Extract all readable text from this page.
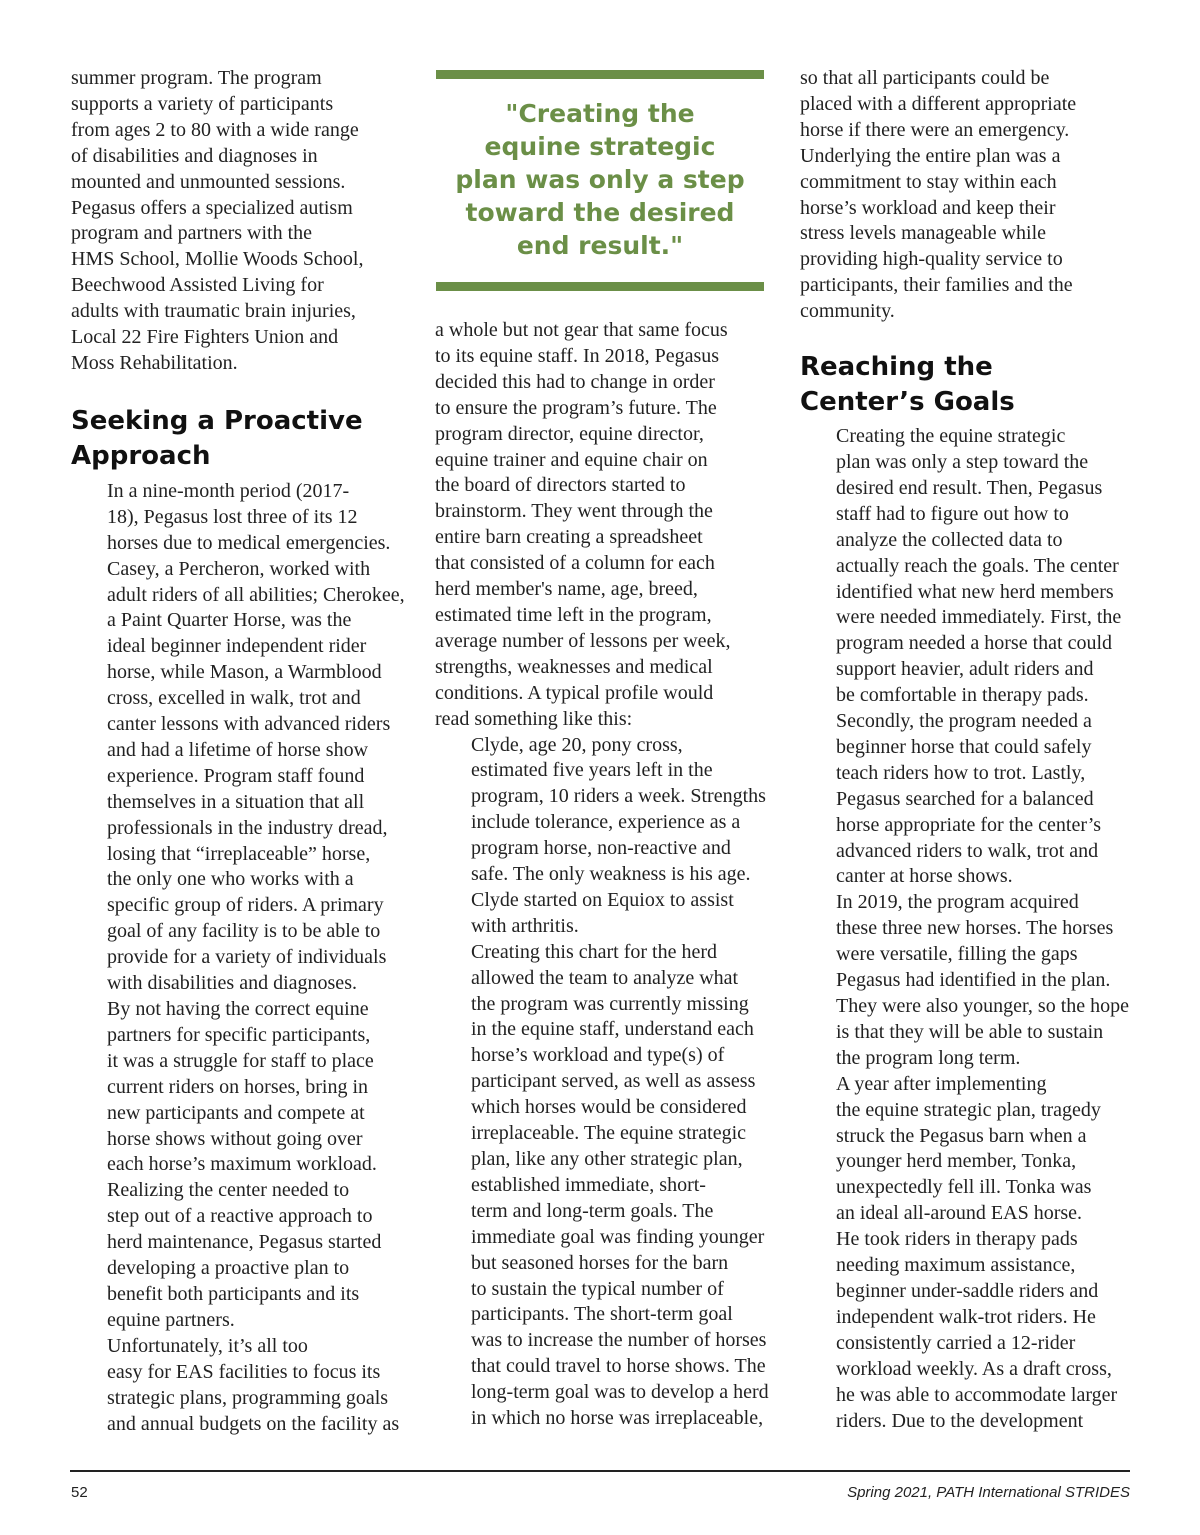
"Creating the
equine strategic
plan was only a step
toward the desired
end result."

summer program. The program
supports a variety of participants
from ages 2 to 80 with a wide range
of disabilities and diagnoses in
mounted and unmounted sessions.
Pegasus offers a specialized autism
program and partners with the
HMS School, Mollie Woods School,
Beechwood Assisted Living for
adults with traumatic brain injuries,
Local 22 Fire Fighters Union and
Moss Rehabilitation.

Seeking a Proactive
Approach

In a nine-month period (2017-
18), Pegasus lost three of its 12
horses due to medical emergencies.
Casey, a Percheron, worked with
adult riders of all abilities; Cherokee,
a Paint Quarter Horse, was the
ideal beginner independent rider
horse, while Mason, a Warmblood
cross, excelled in walk, trot and
canter lessons with advanced riders
and had a lifetime of horse show
experience. Program staff found
themselves in a situation that all
professionals in the industry dread,
losing that “irreplaceable” horse,
the only one who works with a
specific group of riders. A primary
goal of any facility is to be able to
provide for a variety of individuals
with disabilities and diagnoses.
By not having the correct equine
partners for specific participants,
it was a struggle for staff to place
current riders on horses, bring in
new participants and compete at
horse shows without going over
each horse’s maximum workload.
Realizing the center needed to
step out of a reactive approach to
herd maintenance, Pegasus started
developing a proactive plan to
benefit both participants and its
equine partners.

Unfortunately, it’s all too
easy for EAS facilities to focus its
strategic plans, programming goals
and annual budgets on the facility as

a whole but not gear that same focus
to its equine staff. In 2018, Pegasus
decided this had to change in order
to ensure the program’s future. The
program director, equine director,
equine trainer and equine chair on
the board of directors started to
brainstorm. They went through the
entire barn creating a spreadsheet
that consisted of a column for each
herd member's name, age, breed,
estimated time left in the program,
average number of lessons per week,
strengths, weaknesses and medical
conditions. A typical profile would
read something like this:

Clyde, age 20, pony cross,
estimated five years left in the
program, 10 riders a week. Strengths
include tolerance, experience as a
program horse, non-reactive and
safe. The only weakness is his age.
Clyde started on Equiox to assist
with arthritis.

Creating this chart for the herd
allowed the team to analyze what
the program was currently missing
in the equine staff, understand each
horse’s workload and type(s) of
participant served, as well as assess
which horses would be considered
irreplaceable. The equine strategic
plan, like any other strategic plan,
established immediate, short-
term and long-term goals. The
immediate goal was finding younger
but seasoned horses for the barn
to sustain the typical number of
participants. The short-term goal
was to increase the number of horses
that could travel to horse shows. The
long-term goal was to develop a herd
in which no horse was irreplaceable,

so that all participants could be
placed with a different appropriate
horse if there were an emergency.
Underlying the entire plan was a
commitment to stay within each
horse’s workload and keep their
stress levels manageable while
providing high-quality service to
participants, their families and the
community.

Reaching the
Center’s Goals

Creating the equine strategic
plan was only a step toward the
desired end result. Then, Pegasus
staff had to figure out how to
analyze the collected data to
actually reach the goals. The center
identified what new herd members
were needed immediately. First, the
program needed a horse that could
support heavier, adult riders and
be comfortable in therapy pads.
Secondly, the program needed a
beginner horse that could safely
teach riders how to trot. Lastly,
Pegasus searched for a balanced
horse appropriate for the center’s
advanced riders to walk, trot and
canter at horse shows.

In 2019, the program acquired
these three new horses. The horses
were versatile, filling the gaps
Pegasus had identified in the plan.
They were also younger, so the hope
is that they will be able to sustain
the program long term.

A year after implementing
the equine strategic plan, tragedy
struck the Pegasus barn when a
younger herd member, Tonka,
unexpectedly fell ill. Tonka was
an ideal all-around EAS horse.
He took riders in therapy pads
needing maximum assistance,
beginner under-saddle riders and
independent walk-trot riders. He
consistently carried a 12-rider
workload weekly. As a draft cross,
he was able to accommodate larger
riders. Due to the development

52	Spring 2021, PATH International STRIDES
